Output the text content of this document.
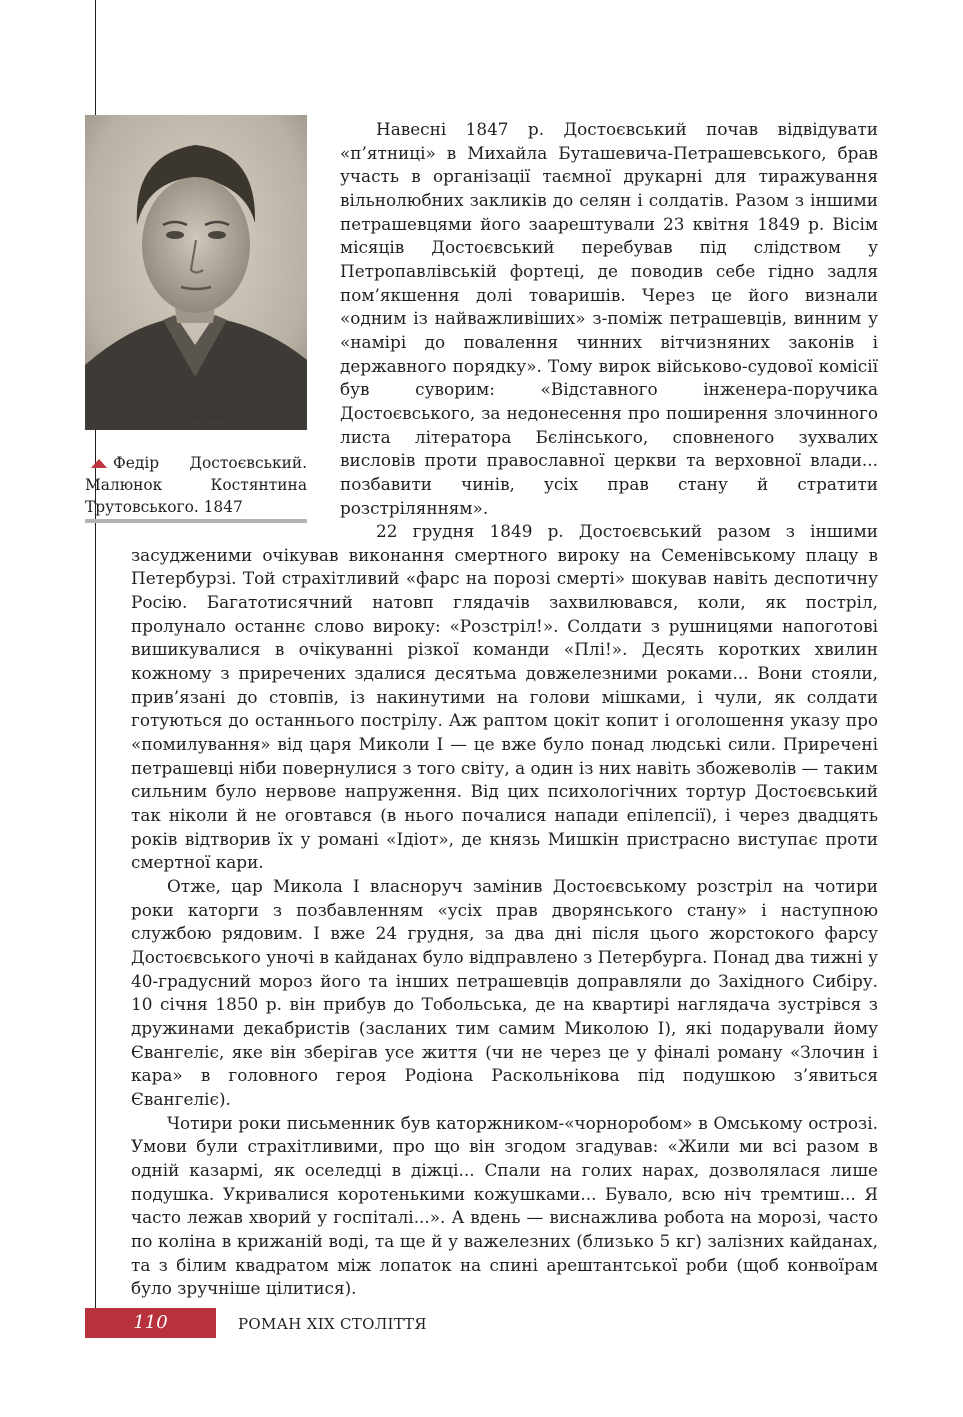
Ф.М. Достоевский — 1847
Федір Достоєвський. Малюнок Костянтина Трутовського. 1847

Навесні 1847 р. Достоєвський почав відвідувати «п’ятниці» в Михайла Буташевича-Петрашевського, брав участь в організації таємної друкарні для тиражування вільнолюбних закликів до селян і солдатів. Разом з іншими петрашевцями його заарештували 23 квітня 1849 р. Вісім місяців Достоєвський перебував під слідством у Петропавлівській фортеці, де поводив себе гідно задля пом’якшення долі товаришів. Через це його визнали «одним із найважливіших» з-поміж петрашевців, винним у «намірі до повалення чинних вітчизняних законів і державного порядку». Тому вирок військово-судової комісії був суворим: «Відставного інженера-поручика Достоєвського, за недонесення про поширення злочинного листа літератора Бєлінського, сповненого зухвалих висловів проти православної церкви та верховної влади... позбавити чинів, усіх прав стану й стратити розстрілянням».

22 грудня 1849 р. Достоєвський разом з іншими засудженими очікував виконання смертного вироку на Семенівському плацу в Петербурзі. Той страхітливий «фарс на порозі смерті» шокував навіть деспотичну Росію. Багатотисячний натовп глядачів захвилювався, коли, як постріл, пролунало останнє слово вироку: «Розстріл!». Солдати з рушницями напоготові вишикувалися в очікуванні різкої команди «Плі!». Десять коротких хвилин кожному з приречених здалися десятьма довжелезними роками... Вони стояли, прив’язані до стовпів, із накинутими на голови мішками, і чули, як солдати готуються до останнього пострілу. Аж раптом цокіт копит і оголошення указу про «помилування» від царя Миколи І — це вже було понад людські сили. Приречені петрашевці ніби повернулися з того світу, а один із них навіть збожеволів — таким сильним було нервове напруження. Від цих психологічних тортур Достоєвський так ніколи й не оговтався (в нього почалися напади епілепсії), і через двадцять років відтворив їх у романі «Ідіот», де князь Мишкін пристрасно виступає проти смертної кари.

Отже, цар Микола І власноруч замінив Достоєвському розстріл на чотири роки каторги з позбавленням «усіх прав дворянського стану» і наступною службою рядовим. І вже 24 грудня, за два дні після цього жорстокого фарсу Достоєвського уночі в кайданах було відправлено з Петербурга. Понад два тижні у 40-градусний мороз його та інших петрашевців доправляли до Західного Сибіру. 10 січня 1850 р. він прибув до Тобольська, де на квартирі наглядача зустрівся з дружинами декабристів (засланих тим самим Миколою І), які подарували йому Євангеліє, яке він зберігав усе життя (чи не через це у фіналі роману «Злочин і кара» в головного героя Родіона Раскольнікова під подушкою з’явиться Євангеліє).

Чотири роки письменник був каторжником-«чорноробом» в Омському острозі. Умови були страхітливими, про що він згодом згадував: «Жили ми всі разом в одній казармі, як оселедці в діжці... Спали на голих нарах, дозволялася лише подушка. Укривалися коротенькими кожушками... Бувало, всю ніч тремтиш... Я часто лежав хворий у госпіталі...». А вдень — виснажлива робота на морозі, часто по коліна в крижаній воді, та ще й у важелезних (близько 5 кг) залізних кайданах, та з білим квадратом між лопаток на спині арештантської роби (щоб конвоїрам було зручніше цілитися).

110	РОМАН XIX СТОЛІТТЯ
